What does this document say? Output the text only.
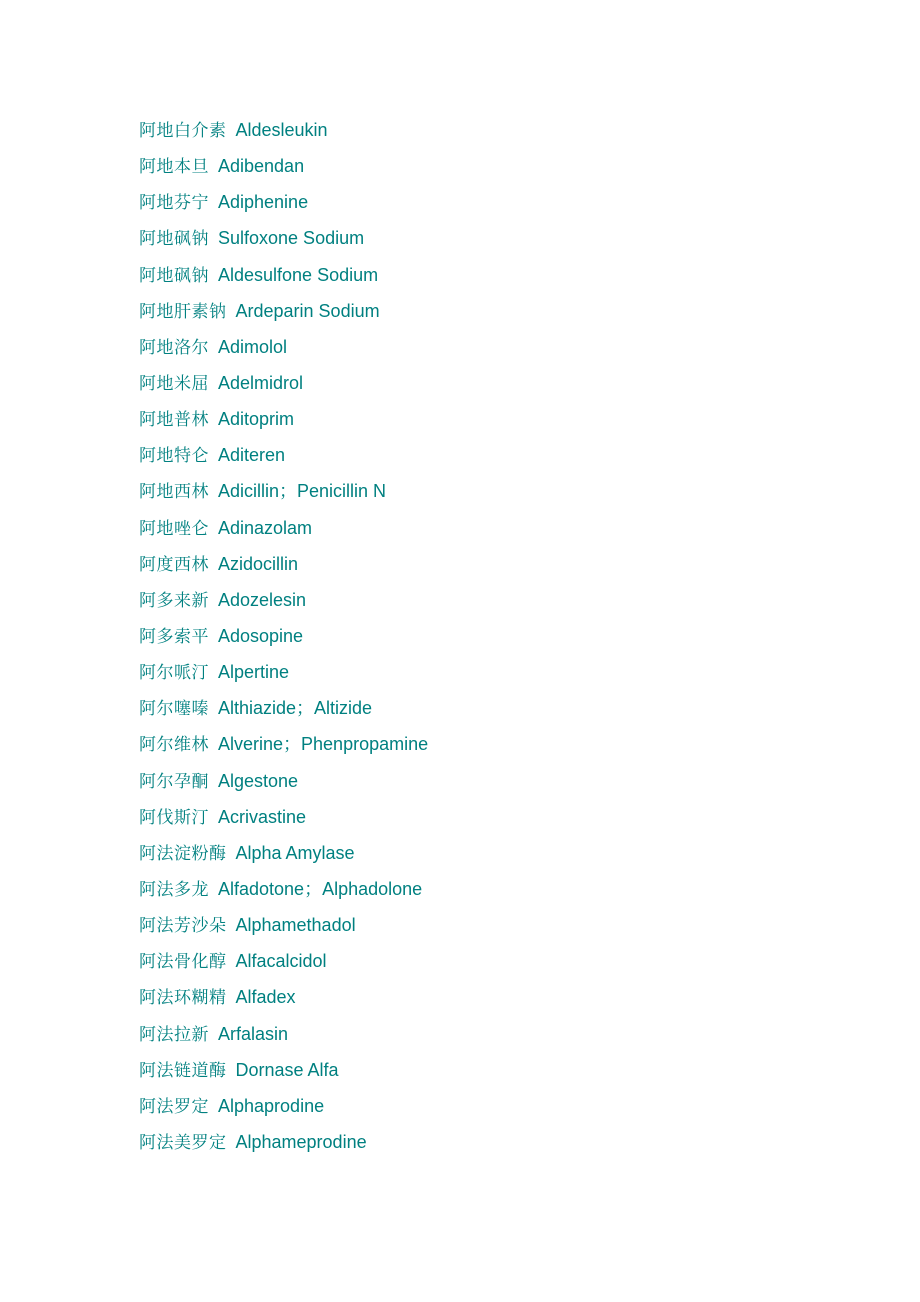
阿地白介素 Aldesleukin
阿地本旦 Adibendan
阿地芬宁 Adiphenine
阿地砜钠 Sulfoxone Sodium
阿地砜钠 Aldesulfone Sodium
阿地肝素钠 Ardeparin Sodium
阿地洛尔 Adimolol
阿地米屈 Adelmidrol
阿地普林 Aditoprim
阿地特仑 Aditeren
阿地西林 Adicillin；Penicillin N
阿地唑仑 Adinazolam
阿度西林 Azidocillin
阿多来新 Adozelesin
阿多索平 Adosopine
阿尔哌汀 Alpertine
阿尔噻嗪 Althiazide；Altizide
阿尔维林 Alverine；Phenpropamine
阿尔孕酮 Algestone
阿伐斯汀 Acrivastine
阿法淀粉酶 Alpha Amylase
阿法多龙 Alfadotone；Alphadolone
阿法芳沙朵 Alphamethadol
阿法骨化醇 Alfacalcidol
阿法环糊精 Alfadex
阿法拉新 Arfalasin
阿法链道酶 Dornase Alfa
阿法罗定 Alphaprodine
阿法美罗定 Alphameprodine
